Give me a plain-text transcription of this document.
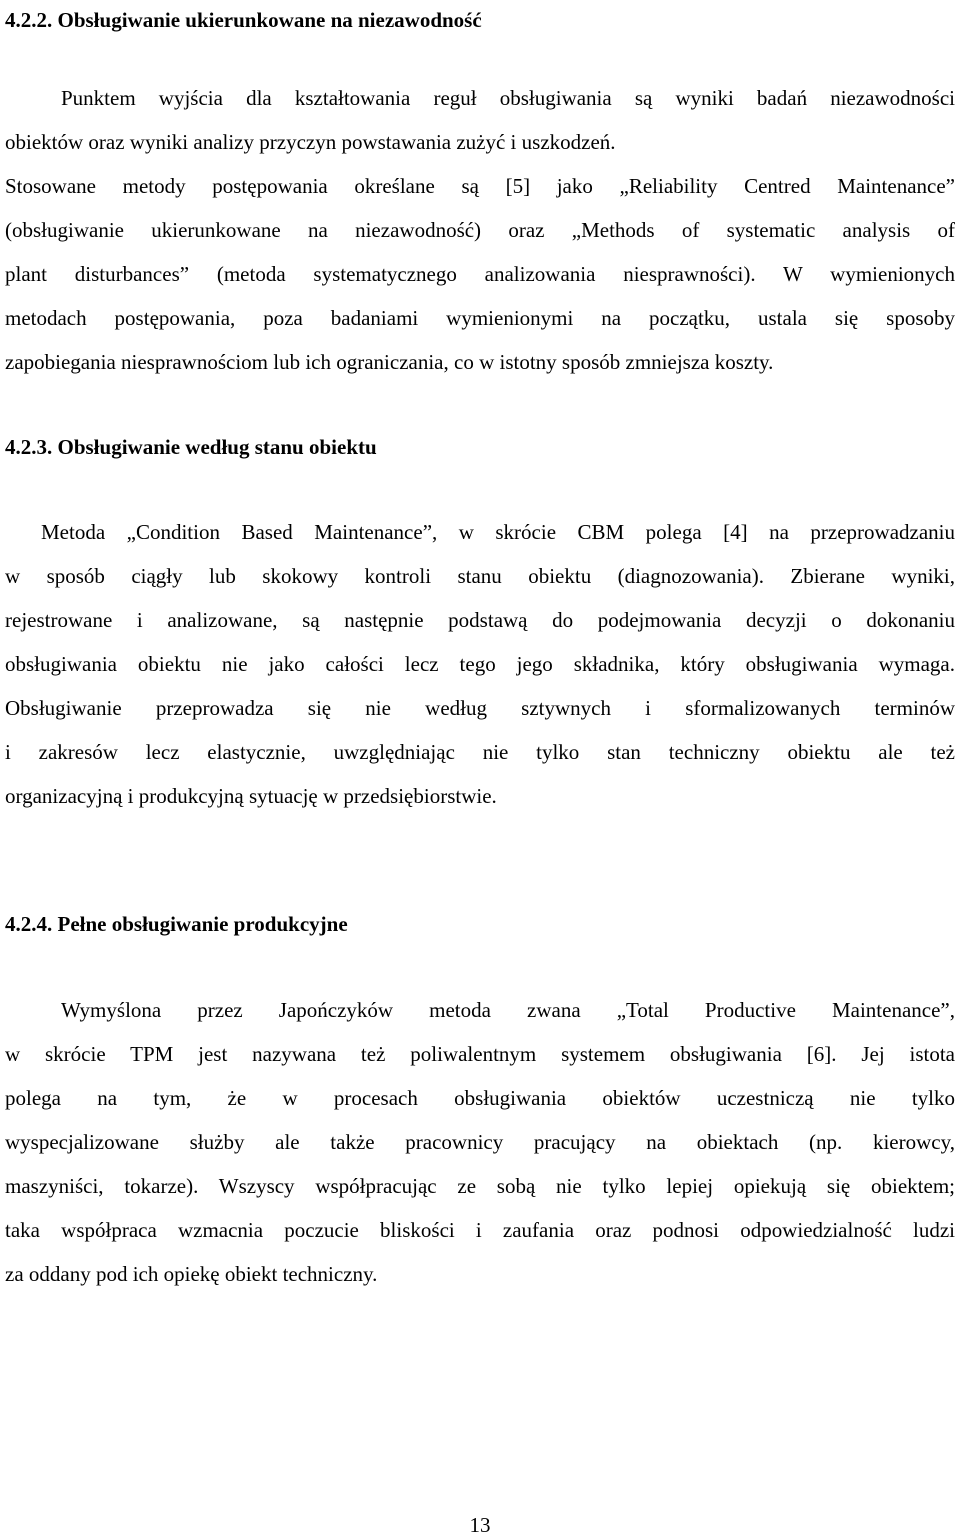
4.2.2. Obsługiwanie ukierunkowane na niezawodność
Punktem wyjścia dla kształtowania reguł obsługiwania są wyniki badań niezawodności
obiektów oraz wyniki analizy przyczyn powstawania zużyć i uszkodzeń.
Stosowane metody postępowania określane są [5] jako „Reliability Centred Maintenance”
(obsługiwanie ukierunkowane na niezawodność) oraz „Methods of systematic analysis of
plant disturbances” (metoda systematycznego analizowania niesprawności). W wymienionych
metodach postępowania, poza badaniami wymienionymi na początku, ustala się sposoby
zapobiegania niesprawnościom lub ich ograniczania, co w istotny sposób zmniejsza koszty.
4.2.3. Obsługiwanie według stanu obiektu
Metoda „Condition Based Maintenance”, w skrócie CBM polega [4] na przeprowadzaniu
w sposób ciągły lub skokowy kontroli stanu obiektu (diagnozowania). Zbierane wyniki,
rejestrowane i analizowane, są następnie podstawą do podejmowania decyzji o dokonaniu
obsługiwania obiektu nie jako całości lecz tego jego składnika, który obsługiwania wymaga.
Obsługiwanie przeprowadza się nie według sztywnych i sformalizowanych terminów
i zakresów lecz elastycznie, uwzględniając nie tylko stan techniczny obiektu ale też
organizacyjną i produkcyjną sytuację w przedsiębiorstwie.
4.2.4. Pełne obsługiwanie produkcyjne
Wymyślona przez Japończyków metoda zwana „Total Productive Maintenance”,
w skrócie TPM jest nazywana też poliwalentnym systemem obsługiwania [6]. Jej istota
polega na tym, że w procesach obsługiwania obiektów uczestniczą nie tylko
wyspecjalizowane służby ale także pracownicy pracujący na obiektach (np. kierowcy,
maszyniści, tokarze). Wszyscy współpracując ze sobą nie tylko lepiej opiekują się obiektem;
taka współpraca wzmacnia poczucie bliskości i zaufania oraz podnosi odpowiedzialność ludzi
za oddany pod ich opiekę obiekt techniczny.
13
